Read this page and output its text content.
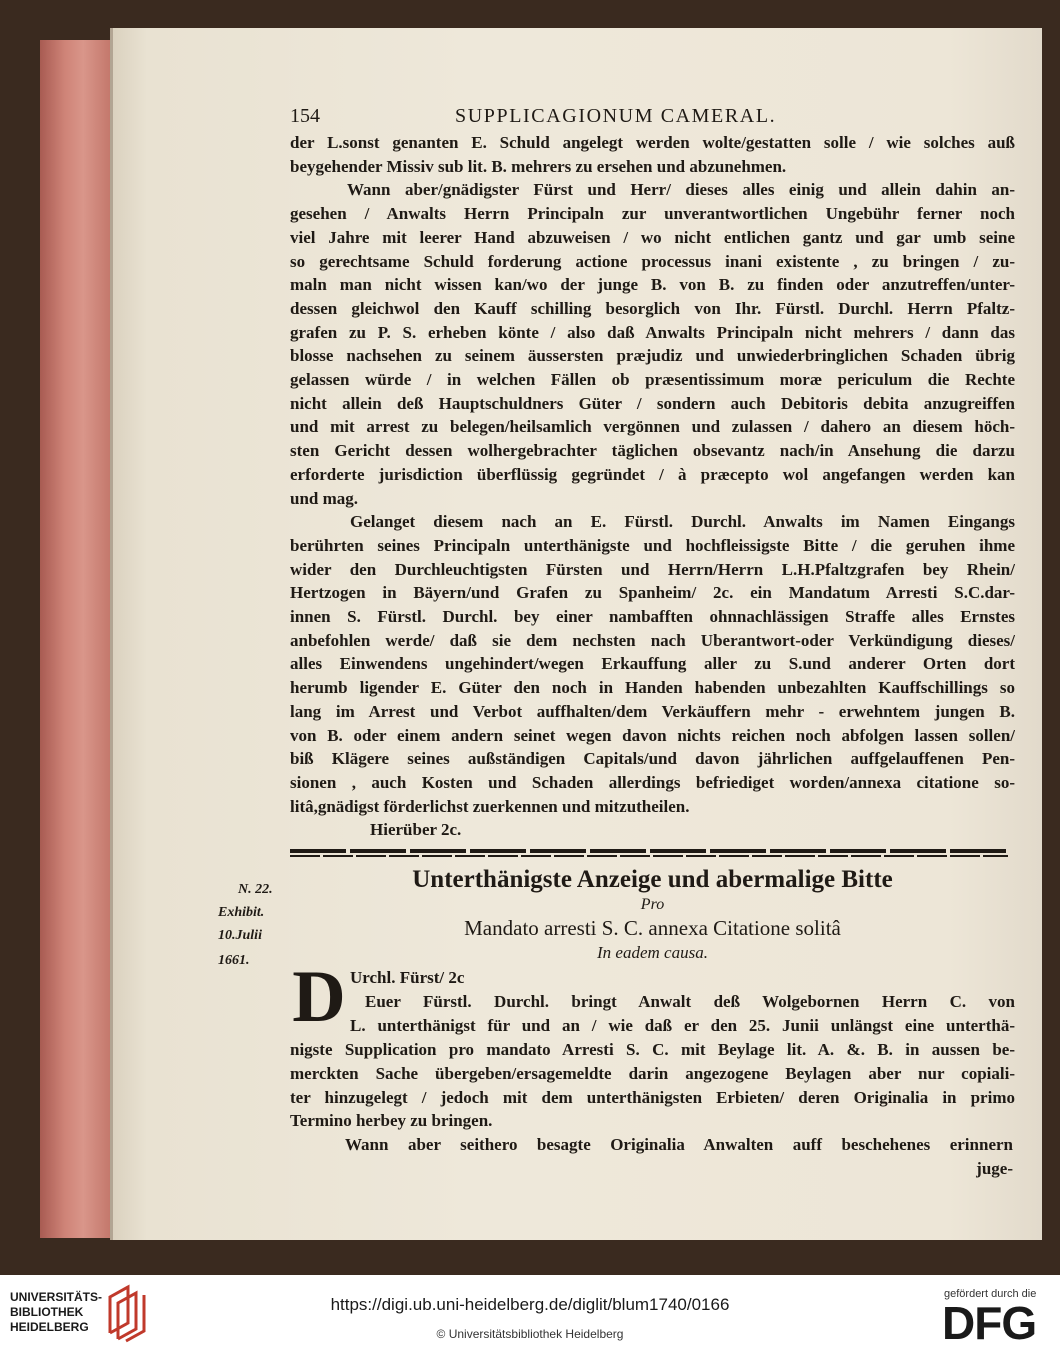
154	SUPPLICAGIONUM CAMERAL.
der L.sonst genanten E. Schuld angelegt werden wolte/gestatten solle / wie solches auß
beygehender Missiv sub lit. B. mehrers zu ersehen und abzunehmen.
Wann aber/gnädigster Fürst und Herr/ dieses alles einig und allein dahin an-
gesehen / Anwalts Herrn Principaln zur unverantwortlichen Ungebühr ferner noch
viel Jahre mit leerer Hand abzuweisen / wo nicht entlichen gantz und gar umb seine
so gerechtsame Schuld forderung actione processus inani existente , zu bringen / zu-
maln man nicht wissen kan/wo der junge B. von B. zu finden oder anzutreffen/unter-
dessen gleichwol den Kauff schilling besorglich von Ihr. Fürstl. Durchl. Herrn Pfaltz-
grafen zu P. S. erheben könte / also daß Anwalts Principaln nicht mehrers / dann das
blosse nachsehen zu seinem äussersten præjudiz und unwiederbringlichen Schaden übrig
gelassen würde / in welchen Fällen ob præsentissimum moræ periculum die Rechte
nicht allein deß Hauptschuldners Güter / sondern auch Debitoris debita anzugreiffen
und mit arrest zu belegen/heilsamlich vergönnen und zulassen / dahero an diesem höch-
sten Gericht dessen wolhergebrachter täglichen obsevantz nach/in Ansehung die darzu
erforderte jurisdiction überflüssig gegründet / à præcepto wol angefangen werden kan
und mag.
Gelanget diesem nach an E. Fürstl. Durchl. Anwalts im Namen Eingangs
berührten seines Principaln unterthänigste und hochfleissigste Bitte / die geruhen ihme
wider den Durchleuchtigsten Fürsten und Herrn/Herrn L.H.Pfaltzgrafen bey Rhein/
Hertzogen in Bäyern/und Grafen zu Spanheim/ 2c. ein Mandatum Arresti S.C.dar-
innen S. Fürstl. Durchl. bey einer nambafften ohnnachlässigen Straffe alles Ernstes
anbefohlen werde/ daß sie dem nechsten nach Uberantwort-oder Verkündigung dieses/
alles Einwendens ungehindert/wegen Erkauffung aller zu S.und anderer Orten dort
herumb ligender E. Güter den noch in Handen habenden unbezahlten Kauffschillings so
lang im Arrest und Verbot auffhalten/dem Verkäuffern mehr - erwehntem jungen B.
von B. oder einem andern seinet wegen davon nichts reichen noch abfolgen lassen sollen/
biß Klägere seines außständigen Capitals/und davon jährlichen auffgelauffenen Pen-
sionen , auch Kosten und Schaden allerdings befriediget worden/annexa citatione so-
litâ,gnädigst förderlichst zuerkennen und mitzutheilen.
Hierüber 2c.
Unterthänigste Anzeige und abermalige Bitte
Pro
Mandato arresti S. C. annexa Citatione solitâ
In eadem causa.
N. 22.
Exhibit.
10.Julii
1661. D Urchl. Fürst/ 2c
Euer Fürstl. Durchl. bringt Anwalt deß Wolgebornen Herrn C. von
L. unterthänigst für und an / wie daß er den 25. Junii unlängst eine unterthä-
nigste Supplication pro mandato Arresti S. C. mit Beylage lit. A. &. B. in aussen be-
merckten Sache übergeben/ersagemeldte darin angezogene Beylagen aber nur copiali-
ter hinzugelegt / jedoch mit dem unterthänigsten Erbieten/ deren Originalia in primo
Termino herbey zu bringen.
Wann aber seithero besagte Originalia Anwalten auff beschehenes erinnern
juge-
UNIVERSITÄTS-
BIBLIOTHEK
HEIDELBERG
https://digi.ub.uni-heidelberg.de/diglit/blum1740/0166
© Universitätsbibliothek Heidelberg
gefördert durch die
DFG
